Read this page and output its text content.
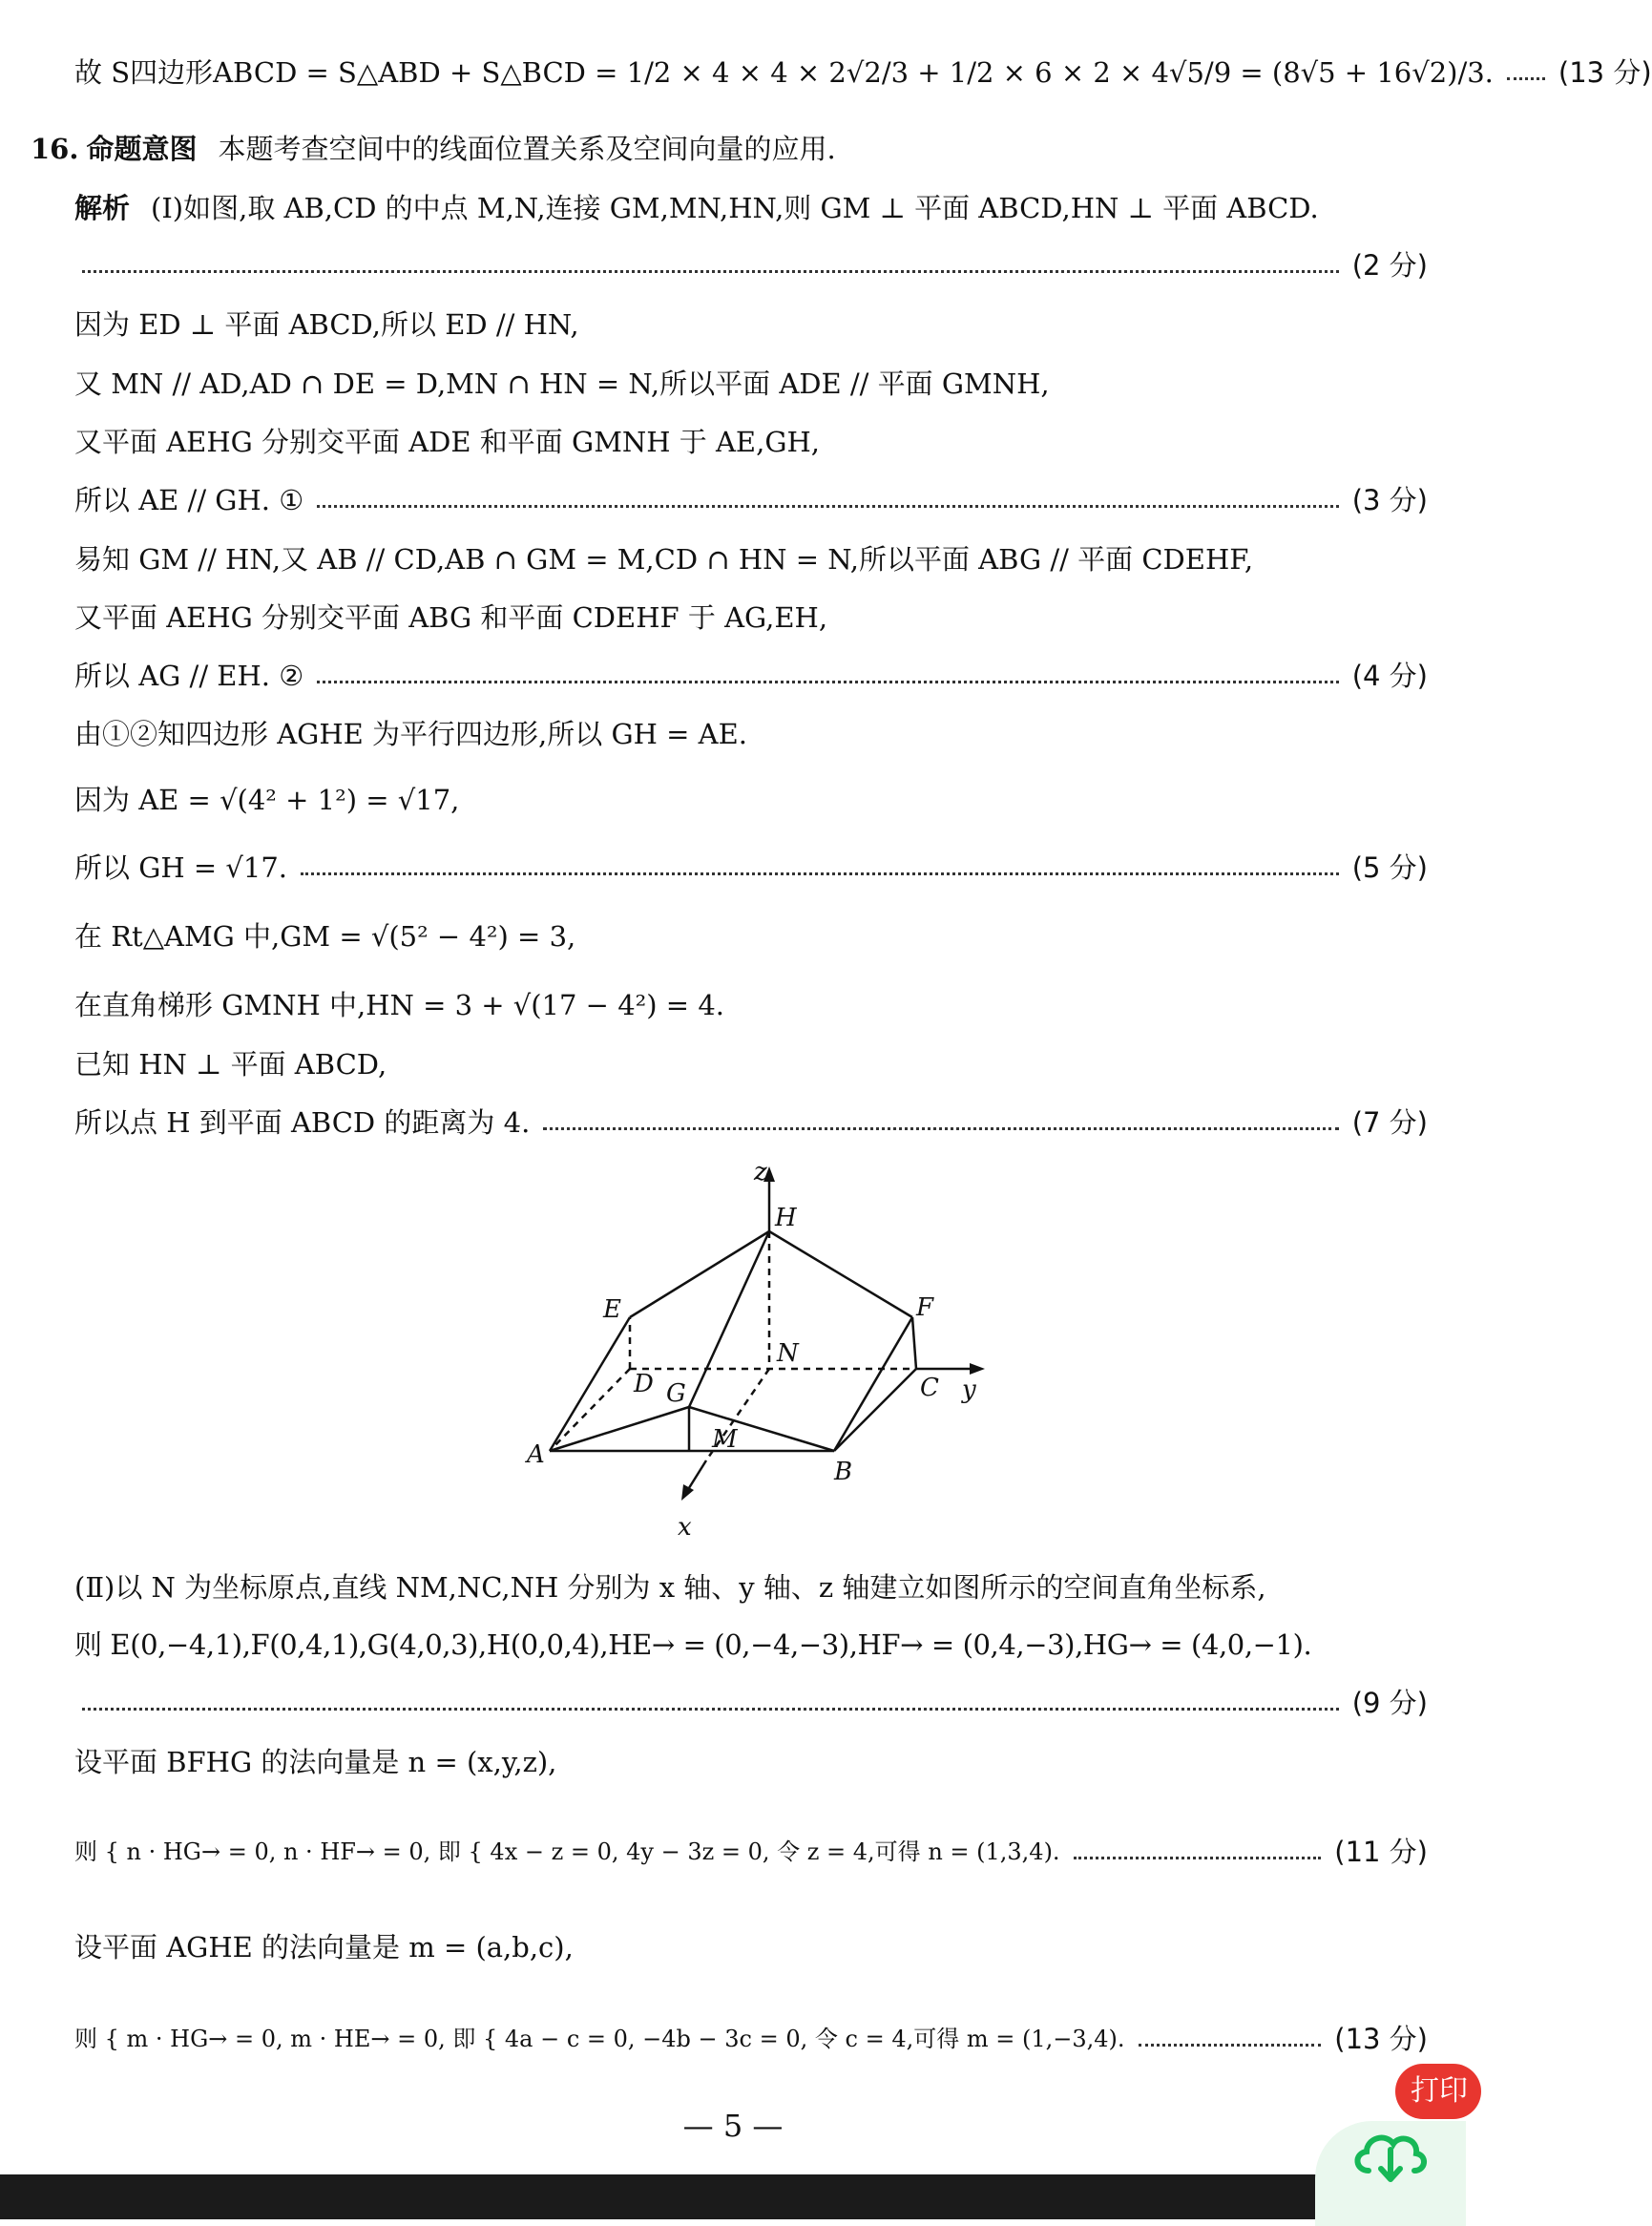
故 S四边形ABCD = S△ABD + S△BCD = 1/2 × 4 × 4 × 2√2/3 + 1/2 × 6 × 2 × 4√5/9 = (8√5 + 16√2)/3. (13 分)
16. 命题意图 本题考查空间中的线面位置关系及空间向量的应用.
解析 (Ⅰ)如图,取 AB,CD 的中点 M,N,连接 GM,MN,HN,则 GM ⊥ 平面 ABCD,HN ⊥ 平面 ABCD.
(2 分)
因为 ED ⊥ 平面 ABCD,所以 ED // HN,
又 MN // AD,AD ∩ DE = D,MN ∩ HN = N,所以平面 ADE // 平面 GMNH,
又平面 AEHG 分别交平面 ADE 和平面 GMNH 于 AE,GH,
所以 AE // GH. ①	(3 分)
易知 GM // HN,又 AB // CD,AB ∩ GM = M,CD ∩ HN = N,所以平面 ABG // 平面 CDEHF,
又平面 AEHG 分别交平面 ABG 和平面 CDEHF 于 AG,EH,
所以 AG // EH. ②	(4 分)
由①②知四边形 AGHE 为平行四边形,所以 GH = AE.
因为 AE = √(4² + 1²) = √17,
所以 GH = √17.	(5 分)
在 Rt△AMG 中,GM = √(5² − 4²) = 3,
在直角梯形 GMNH 中,HN = 3 + √(17 − 4²) = 4.
已知 HN ⊥ 平面 ABCD,
所以点 H 到平面 ABCD 的距离为 4.	(7 分)
z
H
E	F
N
D	C y
G
M
A
B
x
(Ⅱ)以 N 为坐标原点,直线 NM,NC,NH 分别为 x 轴、y 轴、z 轴建立如图所示的空间直角坐标系,
则 E(0,−4,1),F(0,4,1),G(4,0,3),H(0,0,4),HE→ = (0,−4,−3),HF→ = (0,4,−3),HG→ = (4,0,−1).
(9 分)
设平面 BFHG 的法向量是 n = (x,y,z),
则 { n · HG→ = 0, n · HF→ = 0, 即 { 4x − z = 0, 4y − 3z = 0, 令 z = 4,可得 n = (1,3,4).	(11 分)
设平面 AGHE 的法向量是 m = (a,b,c),
则 { m · HG→ = 0, m · HE→ = 0, 即 { 4a − c = 0, −4b − 3c = 0, 令 c = 4,可得 m = (1,−3,4).	(13 分)
— 5 —
打印
